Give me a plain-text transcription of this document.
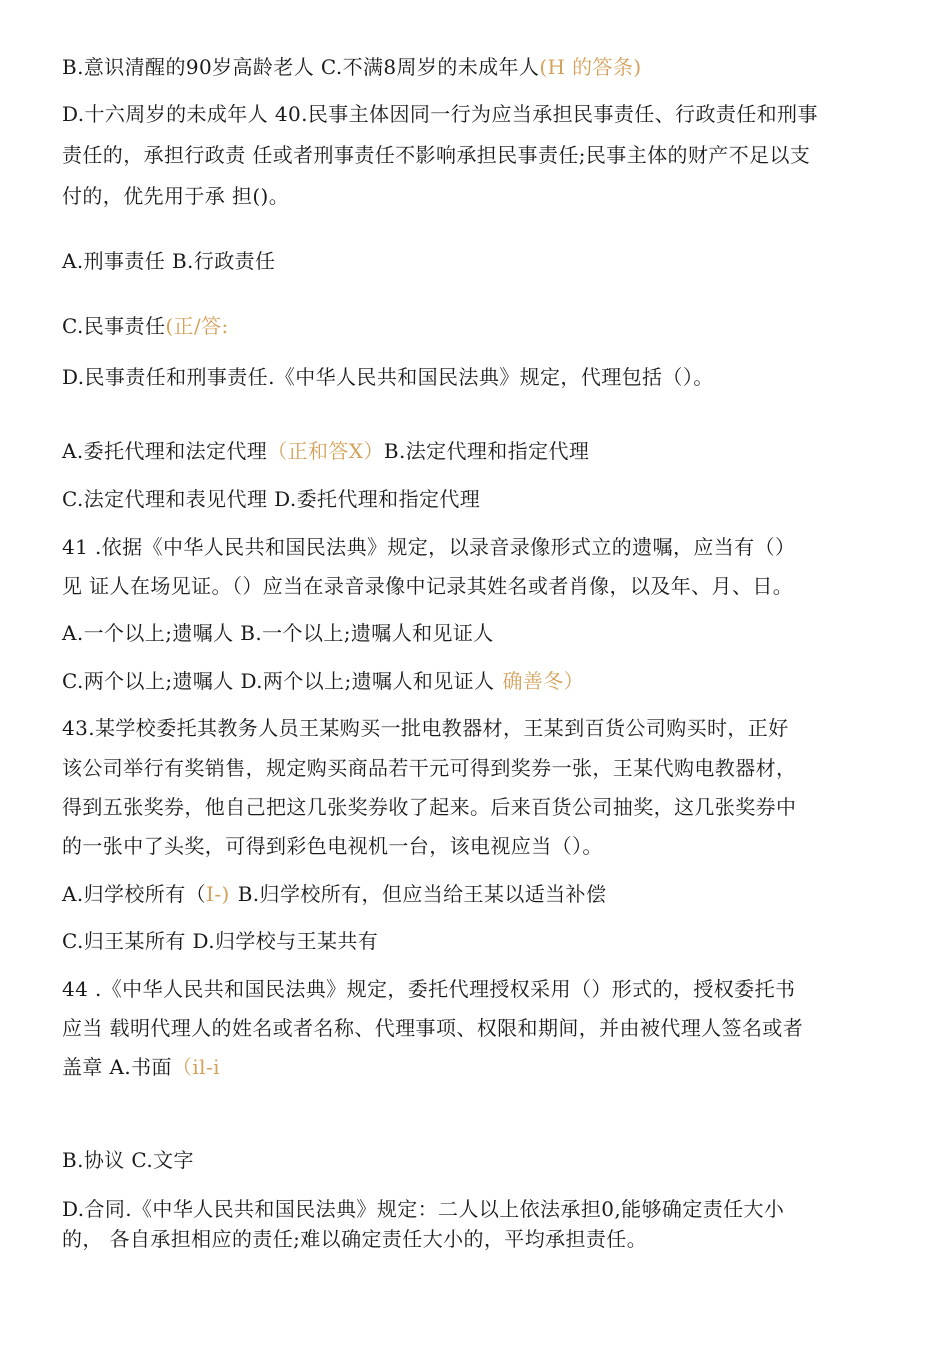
B.意识清醒的90岁高龄老人 C.不满8周岁的未成年人(H 的答条)
D.十六周岁的未成年人 40.民事主体因同一行为应当承担民事责任、行政责任和刑事
责任的，承担行政责 任或者刑事责任不影响承担民事责任;民事主体的财产不足以支
付的，优先用于承 担()。
A.刑事责任 B.行政责任
C.民事责任(正/答:
D.民事责任和刑事责任.《中华人民共和国民法典》规定，代理包括（）。
A.委托代理和法定代理（正和答X）B.法定代理和指定代理
C.法定代理和表见代理 D.委托代理和指定代理
41 .依据《中华人民共和国民法典》规定，以录音录像形式立的遗嘱，应当有（）
见 证人在场见证。（）应当在录音录像中记录其姓名或者肖像，以及年、月、日。
A.一个以上;遗嘱人 B.一个以上;遗嘱人和见证人
C.两个以上;遗嘱人 D.两个以上;遗嘱人和见证人 确善冬）
43.某学校委托其教务人员王某购买一批电教器材，王某到百货公司购买时，正好
该公司举行有奖销售，规定购买商品若干元可得到奖券一张，王某代购电教器材，
得到五张奖券，他自己把这几张奖券收了起来。后来百货公司抽奖，这几张奖券中
的一张中了头奖，可得到彩色电视机一台，该电视应当（）。
A.归学校所有（I-) B.归学校所有，但应当给王某以适当补偿
C.归王某所有 D.归学校与王某共有
44 .《中华人民共和国民法典》规定，委托代理授权采用（）形式的，授权委托书
应当 载明代理人的姓名或者名称、代理事项、权限和期间，并由被代理人签名或者
盖章 A.书面（il-i
B.协议 C.文字
D.合同.《中华人民共和国民法典》规定：二人以上依法承担0,能够确定责任大小
的， 各自承担相应的责任;难以确定责任大小的，平均承担责任。
